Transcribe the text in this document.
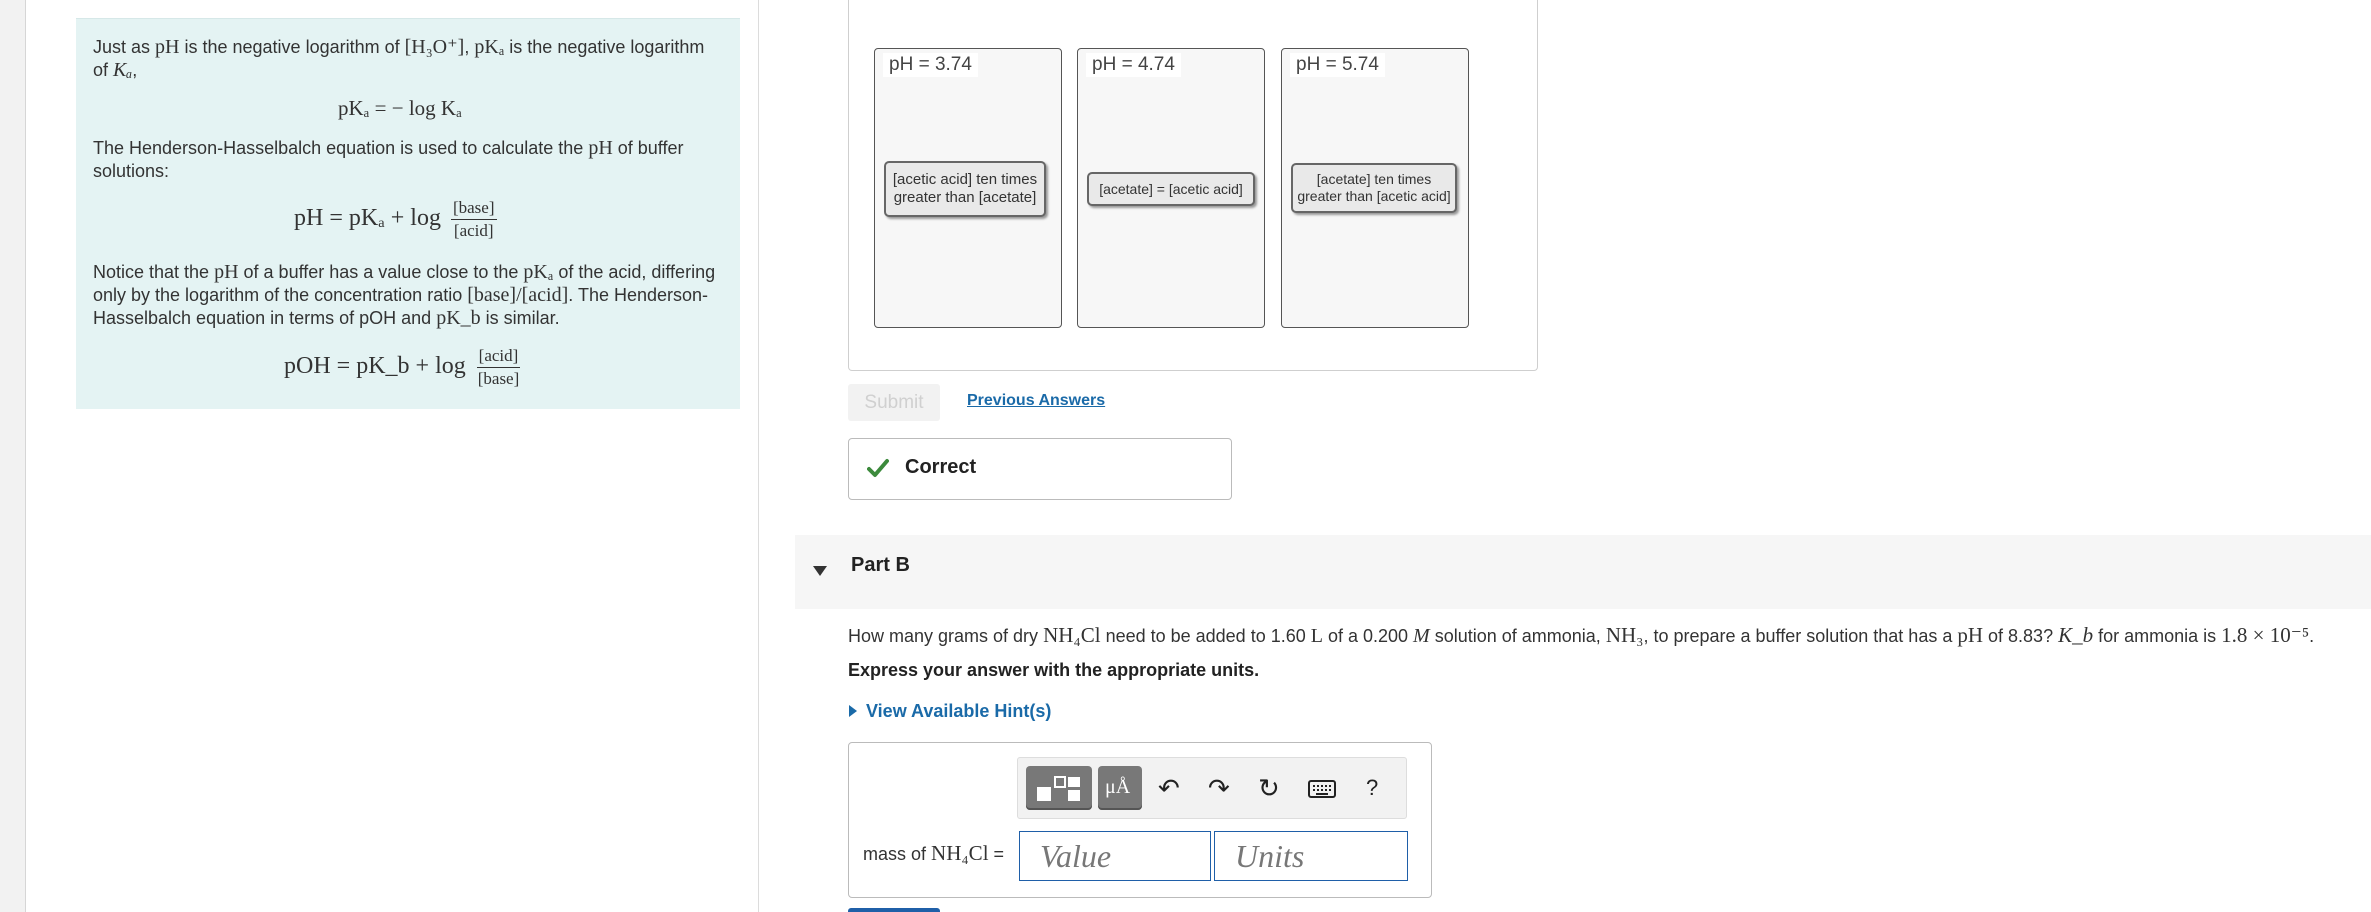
Just as pH is the negative logarithm of [H₃O⁺], pKₐ is the negative logarithm
of Kₐ,
pKₐ = − log Kₐ
The Henderson-Hasselbalch equation is used to calculate the pH of buffer
solutions:
pH = $pK_a + \log \frac{\text{[base]}}{\text{[acid]}}$
Notice that the pH of a buffer has a value close to the pKₐ of the acid, differing
only by the logarithm of the concentration ratio [base]/[acid]. The Henderson-
Hasselbalch equation in terms of pOH and pK_b is similar.
pOH = pK_b + $\log \frac{\text{[acid]}}{\text{[base]}}$
pH = 3.74
[acetic acid] ten times greater than [acetate]
pH = 4.74
[acetate] = [acetic acid]
pH = 5.74
[acetate] ten times greater than [acetic acid]
Submit	Previous Answers
Correct
Part B
How many grams of dry NH₄Cl need to be added to 1.60 L of a 0.200 M solution of ammonia, NH₃, to prepare a buffer solution that has a pH of 8.83? K_b for ammonia is 1.8 × 10⁻⁵.
Express your answer with the appropriate units.
View Available Hint(s)
μÅ ↶ ↷ ↻	?
mass of NH₄Cl =	Value	Units
